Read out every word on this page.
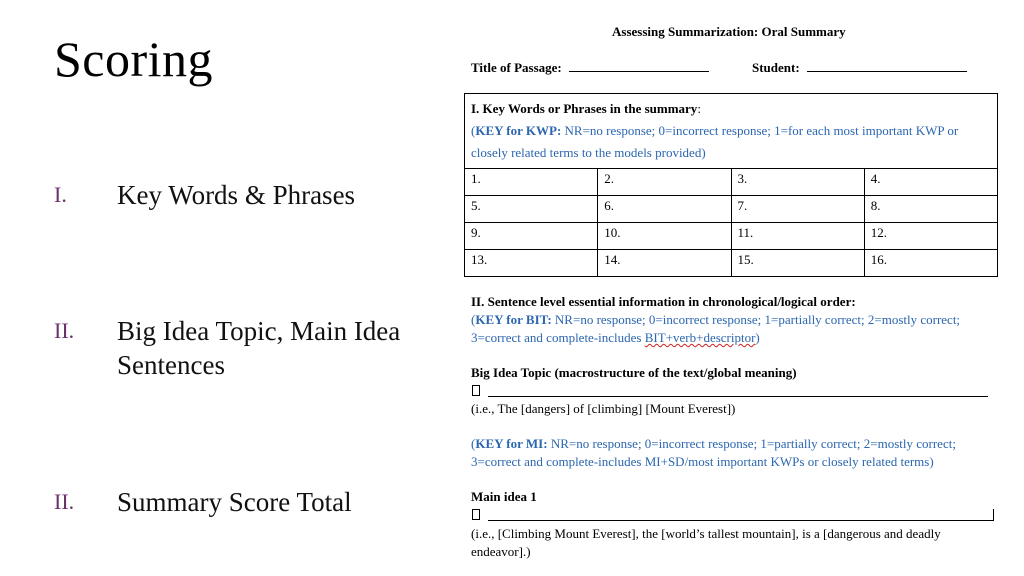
Scoring
I. Key Words & Phrases
II. Big Idea Topic, Main Idea Sentences
II. Summary Score Total
Assessing Summarization: Oral Summary
Title of Passage:	Student:
I. Key Words or Phrases in the summary:
(KEY for KWP: NR=no response; 0=incorrect response; 1=for each most important KWP or closely related terms to the models provided)			

1.	2.	3.	4.
5.	6.	7.	8.
9.	10.	11.	12.
13.	14.	15.	16.
II. Sentence level essential information in chronological/logical order:
(KEY for BIT: NR=no response; 0=incorrect response; 1=partially correct; 2=mostly correct;
3=correct and complete-includes BIT+verb+descriptor)
Big Idea Topic (macrostructure of the text/global meaning)
(i.e., The [dangers] of [climbing] [Mount Everest])
(KEY for MI: NR=no response; 0=incorrect response; 1=partially correct; 2=mostly correct;
3=correct and complete-includes MI+SD/most important KWPs or closely related terms)
Main idea 1
(i.e., [Climbing Mount Everest], the [world’s tallest mountain], is a [dangerous and deadly
endeavor].)
